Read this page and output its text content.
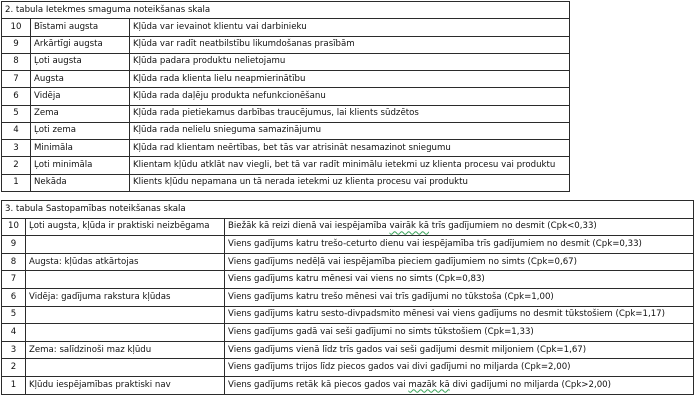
2. tabula Ietekmes smaguma noteikšanas skala		
10	Bīstami augsta	Kļūda var ievainot klientu vai darbinieku
9	Arkārtīgi augsta	Kļūda var radīt neatbilstību likumdošanas prasībām
8	Ļoti augsta	Kļūda padara produktu nelietojamu
7	Augsta	Kļūda rada klienta lielu neapmierinātību
6	Vidēja	Kļūda rada daļēju produkta nefunkcionēšanu
5	Zema	Kļūda rada pietiekamus darbības traucējumus, lai klients sūdzētos
4	Ļoti zema	Kļūda rada nelielu snieguma samazinājumu
3	Minimāla	Kļūda rad klientam neērtības, bet tās var atrisināt nesamazinot sniegumu
2	Ļoti minimāla	Klientam kļūdu atklāt nav viegli, bet tā var radīt minimālu ietekmi uz klienta procesu vai produktu
1	Nekāda	Klients kļūdu nepamana un tā nerada ietekmi uz klienta procesu vai produktu
3. tabula Sastopamības noteikšanas skala		
10	Ļoti augsta, kļūda ir praktiski neizbēgama	Biežāk kā reizi dienā vai iespējamība vairāk kā trīs gadījumiem no desmit (Cpk<0,33)
9		Viens gadījums katru trešo-ceturto dienu vai iespējamība trīs gadījumiem no desmit (Cpk=0,33)
8	Augsta: kļūdas atkārtojas	Viens gadījums nedēļā vai iespējamība pieciem gadījumiem no simts (Cpk=0,67)
7		Viens gadījums katru mēnesi vai viens no simts (Cpk=0,83)
6	Vidēja: gadījuma rakstura kļūdas	Viens gadījums katru trešo mēnesi vai trīs gadījumi no tūkstoša (Cpk=1,00)
5		Viens gadījums katru sesto-divpadsmito mēnesi vai viens gadījums no desmit tūkstošiem (Cpk=1,17)
4		Viens gadījums gadā vai seši gadījumi no simts tūkstošiem (Cpk=1,33)
3	Zema: salīdzinoši maz kļūdu	Viens gadījums vienā līdz trīs gados vai seši gadījumi desmit miljoniem (Cpk=1,67)
2		Viens gadījums trijos līdz piecos gados vai divi gadījumi no miljarda (Cpk=2,00)
1	Kļūdu iespējamības praktiski nav	Viens gadījums retāk kā piecos gados vai mazāk kā divi gadījumi no miljarda (Cpk>2,00)
